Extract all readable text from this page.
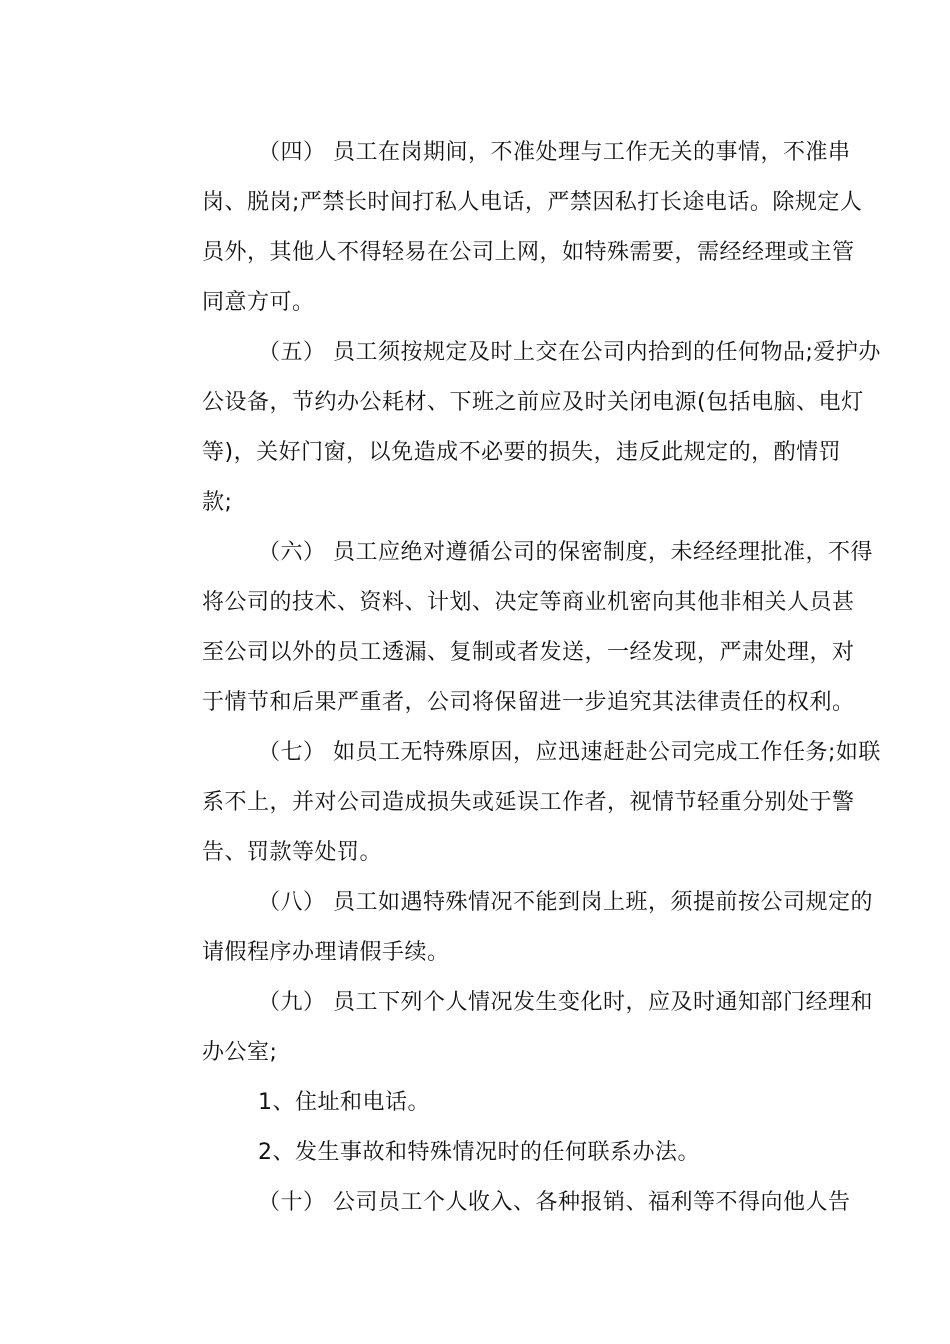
（四） 员工在岗期间，不准处理与工作无关的事情，不准串
岗、脱岗;严禁长时间打私人电话，严禁因私打长途电话。除规定人
员外，其他人不得轻易在公司上网，如特殊需要，需经经理或主管
同意方可。
（五） 员工须按规定及时上交在公司内拾到的任何物品;爱护办
公设备，节约办公耗材、下班之前应及时关闭电源(包括电脑、电灯
等)，关好门窗，以免造成不必要的损失，违反此规定的，酌情罚
款;
（六） 员工应绝对遵循公司的保密制度，未经经理批准，不得
将公司的技术、资料、计划、决定等商业机密向其他非相关人员甚
至公司以外的员工透漏、复制或者发送，一经发现，严肃处理，对
于情节和后果严重者，公司将保留进一步追究其法律责任的权利。
（七） 如员工无特殊原因，应迅速赶赴公司完成工作任务;如联
系不上，并对公司造成损失或延误工作者，视情节轻重分别处于警
告、罚款等处罚。
（八） 员工如遇特殊情况不能到岗上班，须提前按公司规定的
请假程序办理请假手续。
（九） 员工下列个人情况发生变化时，应及时通知部门经理和
办公室;
1、住址和电话。
2、发生事故和特殊情况时的任何联系办法。
（十） 公司员工个人收入、各种报销、福利等不得向他人告
